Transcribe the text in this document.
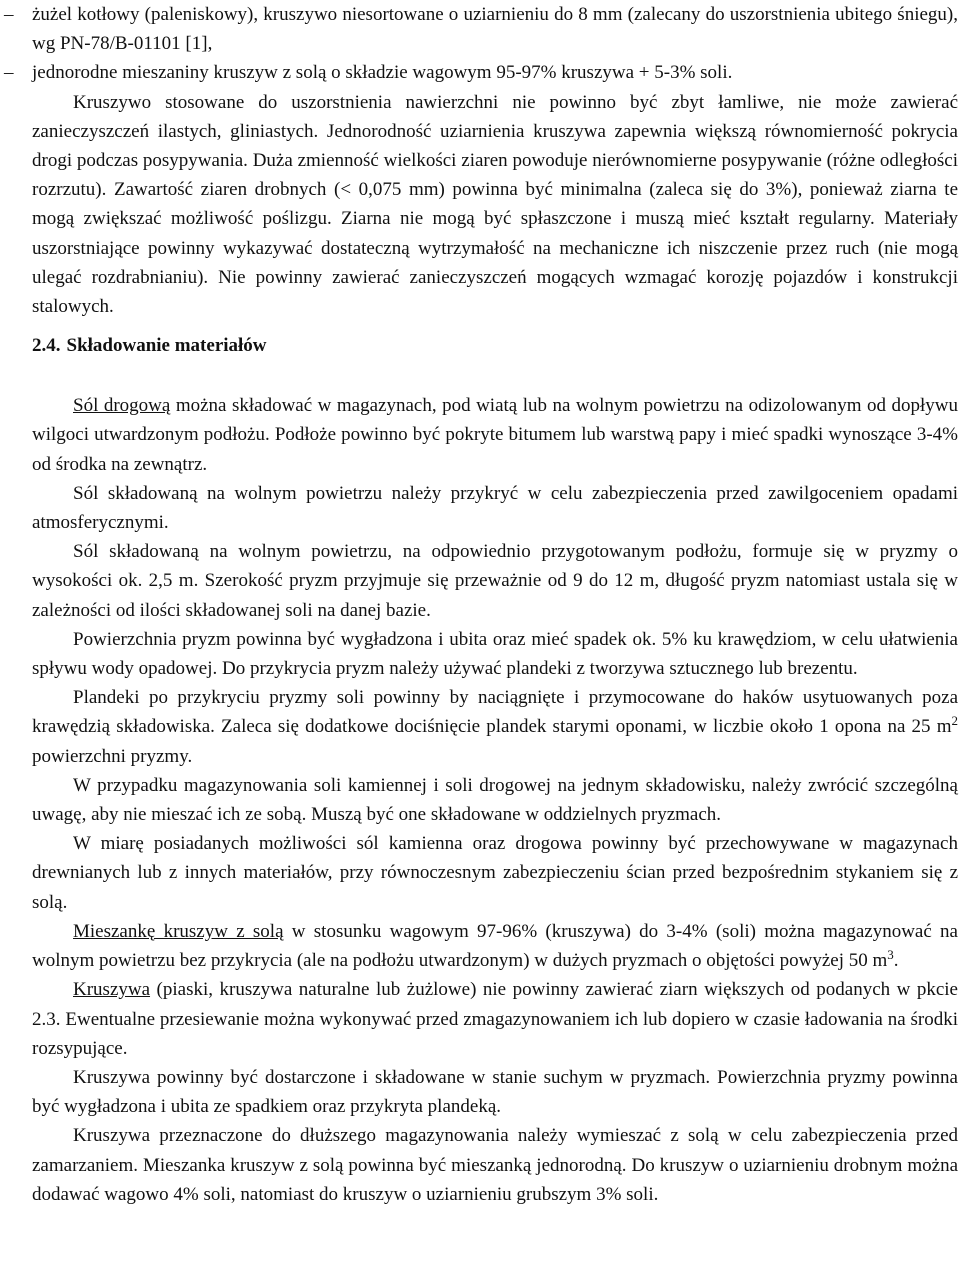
– żużel kotłowy (paleniskowy), kruszywo niesortowane o uziarnieniu do 8 mm (zalecany do uszorstnienia ubitego śniegu), wg PN-78/B-01101 [1],

– jednorodne mieszaniny kruszyw z solą o składzie wagowym 95-97% kruszywa + 5-3% soli.

Kruszywo stosowane do uszorstnienia nawierzchni nie powinno być zbyt łamliwe, nie może zawierać zanieczyszczeń ilastych, gliniastych. Jednorodność uziarnienia kruszywa zapewnia większą równomierność pokrycia drogi podczas posypywania. Duża zmienność wielkości ziaren powoduje nierównomierne posypywanie (różne odległości rozrzutu). Zawartość ziaren drobnych (< 0,075 mm) powinna być minimalna (zaleca się do 3%), ponieważ ziarna te mogą zwiększać możliwość poślizgu. Ziarna nie mogą być spłaszczone i muszą mieć kształt regularny. Materiały uszorstniające powinny wykazywać dostateczną wytrzymałość na mechaniczne ich niszczenie przez ruch (nie mogą ulegać rozdrabnianiu). Nie powinny zawierać zanieczyszczeń mogących wzmagać korozję pojazdów i konstrukcji stalowych.

2.4. Składowanie materiałów

Sól drogową można składować w magazynach, pod wiatą lub na wolnym powietrzu na odizolowanym od dopływu wilgoci utwardzonym podłożu. Podłoże powinno być pokryte bitumem lub warstwą papy i mieć spadki wynoszące 3-4% od środka na zewnątrz.

Sól składowaną na wolnym powietrzu należy przykryć w celu zabezpieczenia przed zawilgoceniem opadami atmosferycznymi.

Sól składowaną na wolnym powietrzu, na odpowiednio przygotowanym podłożu, formuje się w pryzmy o wysokości ok. 2,5 m. Szerokość pryzm przyjmuje się przeważnie od 9 do 12 m, długość pryzm natomiast ustala się w zależności od ilości składowanej soli na danej bazie.

Powierzchnia pryzm powinna być wygładzona i ubita oraz mieć spadek ok. 5% ku krawędziom, w celu ułatwienia spływu wody opadowej. Do przykrycia pryzm należy używać plandeki z tworzywa sztucznego lub brezentu.

Plandeki po przykryciu pryzmy soli powinny by naciągnięte i przymocowane do haków usytuowanych poza krawędzią składowiska. Zaleca się dodatkowe dociśnięcie plandek starymi oponami, w liczbie około 1 opona na 25 $m^2$ powierzchni pryzmy.

W przypadku magazynowania soli kamiennej i soli drogowej na jednym składowisku, należy zwrócić szczególną uwagę, aby nie mieszać ich ze sobą. Muszą być one składowane w oddzielnych pryzmach.

W miarę posiadanych możliwości sól kamienna oraz drogowa powinny być przechowywane w magazynach drewnianych lub z innych materiałów, przy równoczesnym zabezpieczeniu ścian przed bezpośrednim stykaniem się z solą.

Mieszankę kruszyw z solą w stosunku wagowym 97-96% (kruszywa) do 3-4% (soli) można magazynować na wolnym powietrzu bez przykrycia (ale na podłożu utwardzonym) w dużych pryzmach o objętości powyżej 50 $m^3$.

Kruszywa (piaski, kruszywa naturalne lub żużlowe) nie powinny zawierać ziarn większych od podanych w pkcie 2.3. Ewentualne przesiewanie można wykonywać przed zmagazynowaniem ich lub dopiero w czasie ładowania na środki rozsypujące.

Kruszywa powinny być dostarczone i składowane w stanie suchym w pryzmach. Powierzchnia pryzmy powinna być wygładzona i ubita ze spadkiem oraz przykryta plandeką.

Kruszywa przeznaczone do dłuższego magazynowania należy wymieszać z solą w celu zabezpieczenia przed zamarzaniem. Mieszanka kruszyw z solą powinna być mieszanką jednorodną. Do kruszyw o uziarnieniu drobnym można dodawać wagowo 4% soli, natomiast do kruszyw o uziarnieniu grubszym 3% soli.
